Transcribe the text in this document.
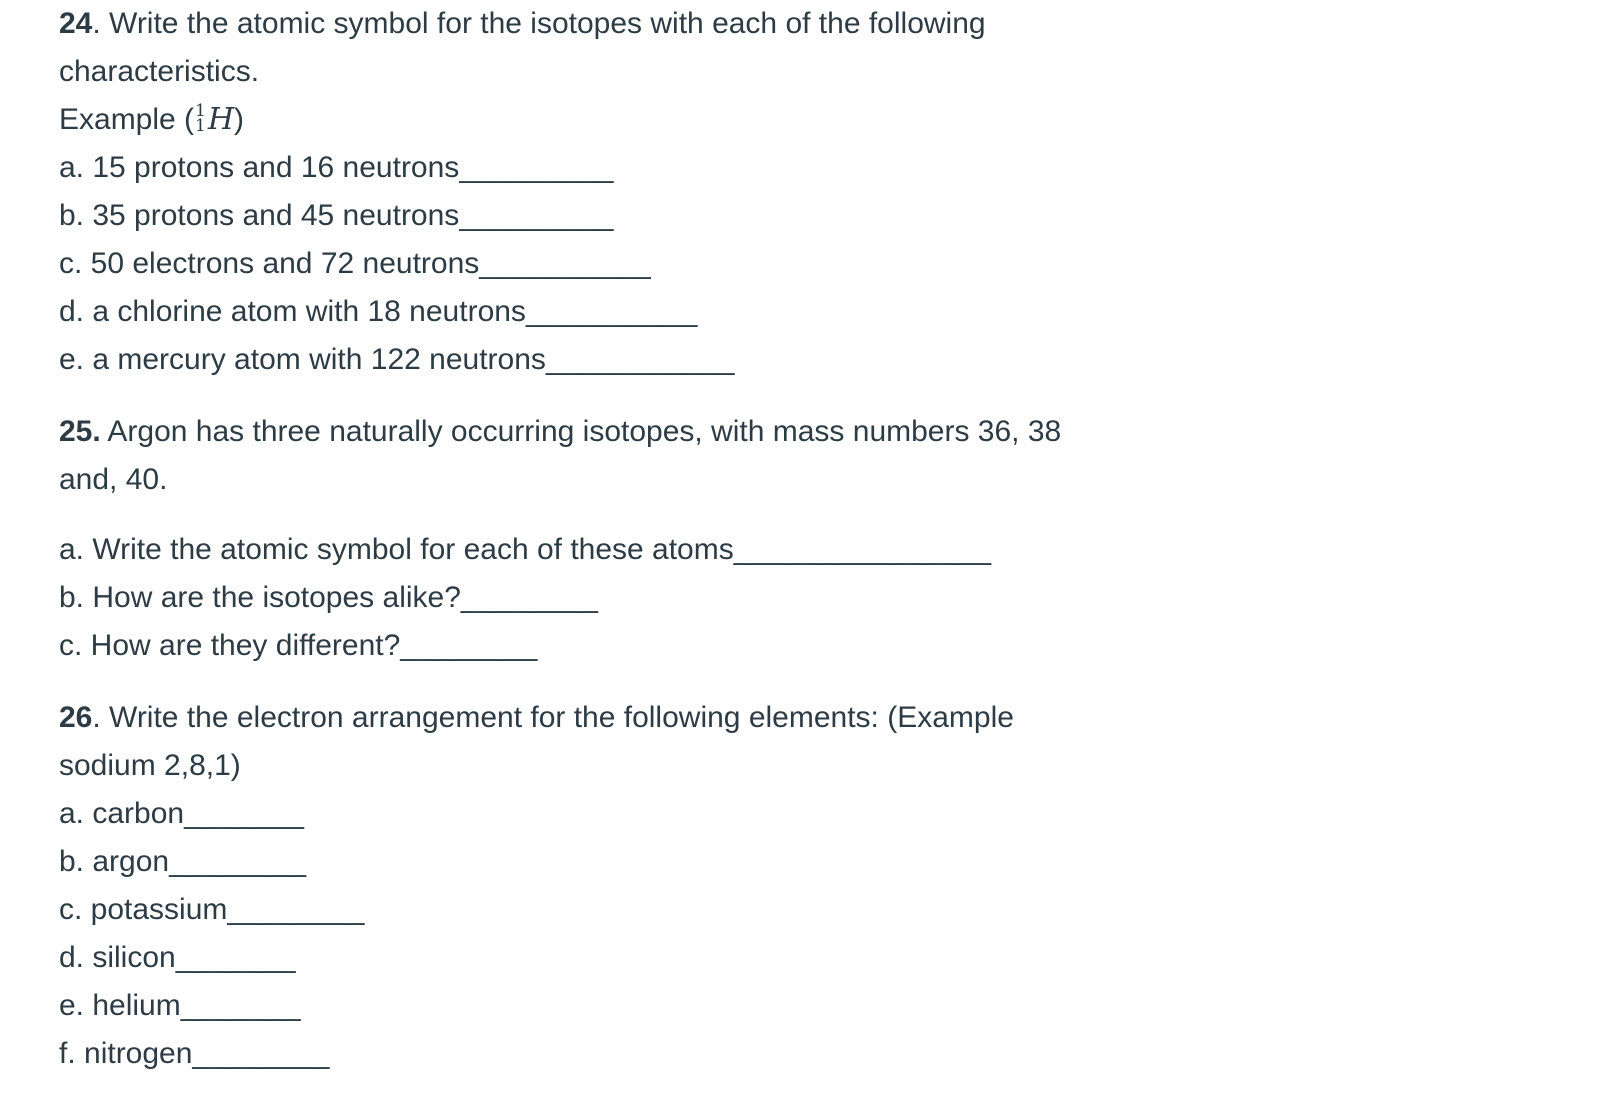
24. Write the atomic symbol for the isotopes with each of the following

characteristics.

Example ( 1
1 H)

a. 15 protons and 16 neutrons_________

b. 35 protons and 45 neutrons_________

c. 50 electrons and 72 neutrons__________

d. a chlorine atom with 18 neutrons__________

e. a mercury atom with 122 neutrons___________

25. Argon has three naturally occurring isotopes, with mass numbers 36, 38

and, 40.

a. Write the atomic symbol for each of these atoms_______________

b. How are the isotopes alike?________

c. How are they different?________

26. Write the electron arrangement for the following elements: (Example

sodium 2,8,1)

a. carbon_______

b. argon________

c. potassium________

d. silicon_______

e. helium_______

f. nitrogen________
